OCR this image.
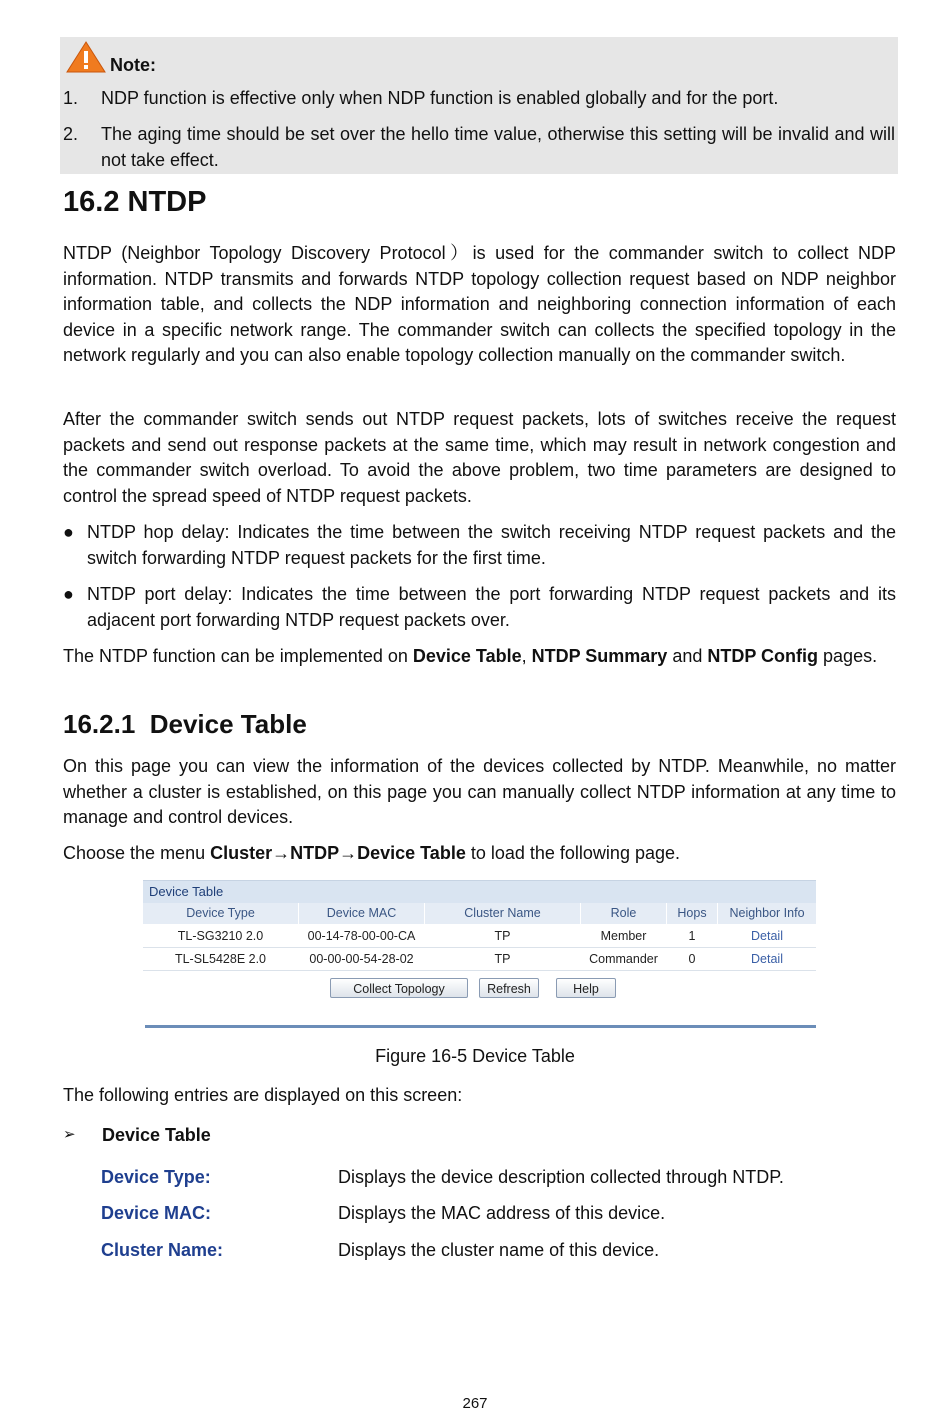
Note:
1. NDP function is effective only when NDP function is enabled globally and for the port.
2. The aging time should be set over the hello time value, otherwise this setting will be invalid and will not take effect.
16.2 NTDP
NTDP (Neighbor Topology Discovery Protocol）is used for the commander switch to collect NDP information. NTDP transmits and forwards NTDP topology collection request based on NDP neighbor information table, and collects the NDP information and neighboring connection information of each device in a specific network range. The commander switch can collects the specified topology in the network regularly and you can also enable topology collection manually on the commander switch.
After the commander switch sends out NTDP request packets, lots of switches receive the request packets and send out response packets at the same time, which may result in network congestion and the commander switch overload. To avoid the above problem, two time parameters are designed to control the spread speed of NTDP request packets.
● NTDP hop delay: Indicates the time between the switch receiving NTDP request packets and the switch forwarding NTDP request packets for the first time.
● NTDP port delay: Indicates the time between the port forwarding NTDP request packets and its adjacent port forwarding NTDP request packets over.
The NTDP function can be implemented on Device Table, NTDP Summary and NTDP Config pages.
16.2.1  Device Table
On this page you can view the information of the devices collected by NTDP. Meanwhile, no matter whether a cluster is established, on this page you can manually collect NTDP information at any time to manage and control devices.
Choose the menu Cluster→NTDP→Device Table to load the following page.
Device Table
Device Type	Device MAC	Cluster Name	Role	Hops	Neighbor Info
TL-SG3210 2.0	00-14-78-00-00-CA	TP	Member	1	Detail
TL-SL5428E 2.0	00-00-00-54-28-02	TP	Commander	0	Detail
Collect Topology	Refresh	Help
Figure 16-5 Device Table
The following entries are displayed on this screen:
➢ Device Table
Device Type:	Displays the device description collected through NTDP.
Device MAC:	Displays the MAC address of this device.
Cluster Name:	Displays the cluster name of this device.
267
